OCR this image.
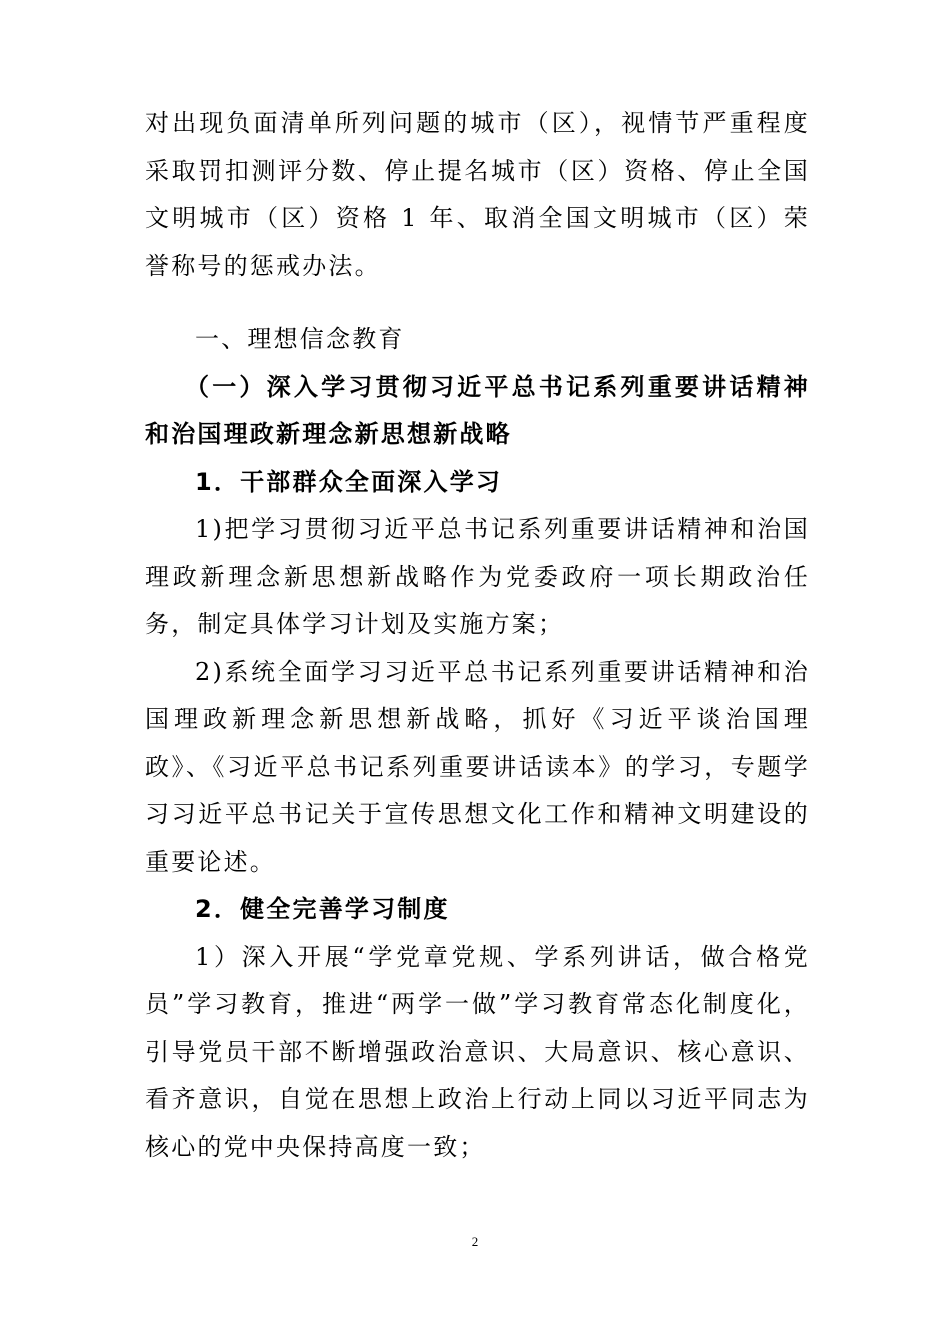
对出现负面清单所列问题的城市（区），视情节严重程度采取罚扣测评分数、停止提名城市（区）资格、停止全国文明城市（区）资格 1 年、取消全国文明城市（区）荣誉称号的惩戒办法。

一、理想信念教育

（一）深入学习贯彻习近平总书记系列重要讲话精神和治国理政新理念新思想新战略

1．干部群众全面深入学习

1)把学习贯彻习近平总书记系列重要讲话精神和治国理政新理念新思想新战略作为党委政府一项长期政治任务，制定具体学习计划及实施方案；

2)系统全面学习习近平总书记系列重要讲话精神和治国理政新理念新思想新战略，抓好《习近平谈治国理政》、《习近平总书记系列重要讲话读本》的学习，专题学习习近平总书记关于宣传思想文化工作和精神文明建设的重要论述。

2．健全完善学习制度

1）深入开展“学党章党规、学系列讲话，做合格党员”学习教育，推进“两学一做”学习教育常态化制度化，引导党员干部不断增强政治意识、大局意识、核心意识、看齐意识，自觉在思想上政治上行动上同以习近平同志为核心的党中央保持高度一致；

2
